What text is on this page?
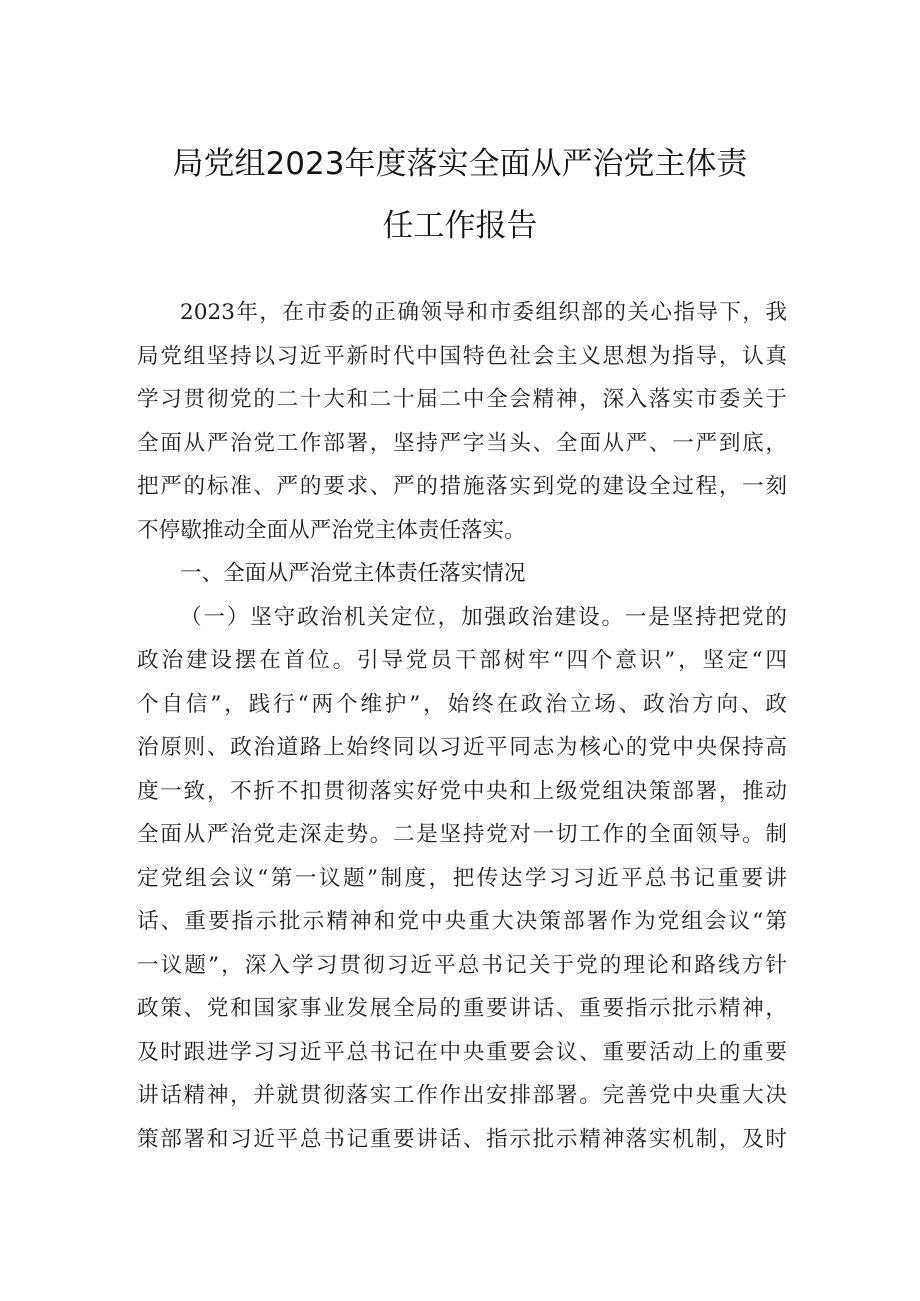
局党组2023年度落实全面从严治党主体责
任工作报告
2023年，在市委的正确领导和市委组织部的关心指导下，我
局党组坚持以习近平新时代中国特色社会主义思想为指导，认真
学习贯彻党的二十大和二十届二中全会精神，深入落实市委关于
全面从严治党工作部署，坚持严字当头、全面从严、一严到底，
把严的标准、严的要求、严的措施落实到党的建设全过程，一刻
不停歇推动全面从严治党主体责任落实。
一、全面从严治党主体责任落实情况
（一）坚守政治机关定位，加强政治建设。一是坚持把党的
政治建设摆在首位。引导党员干部树牢“四个意识”，坚定“四
个自信”，践行“两个维护”，始终在政治立场、政治方向、政
治原则、政治道路上始终同以习近平同志为核心的党中央保持高
度一致，不折不扣贯彻落实好党中央和上级党组决策部署，推动
全面从严治党走深走势。二是坚持党对一切工作的全面领导。制
定党组会议“第一议题”制度，把传达学习习近平总书记重要讲
话、重要指示批示精神和党中央重大决策部署作为党组会议“第
一议题”，深入学习贯彻习近平总书记关于党的理论和路线方针
政策、党和国家事业发展全局的重要讲话、重要指示批示精神，
及时跟进学习习近平总书记在中央重要会议、重要活动上的重要
讲话精神，并就贯彻落实工作作出安排部署。完善党中央重大决
策部署和习近平总书记重要讲话、指示批示精神落实机制，及时
